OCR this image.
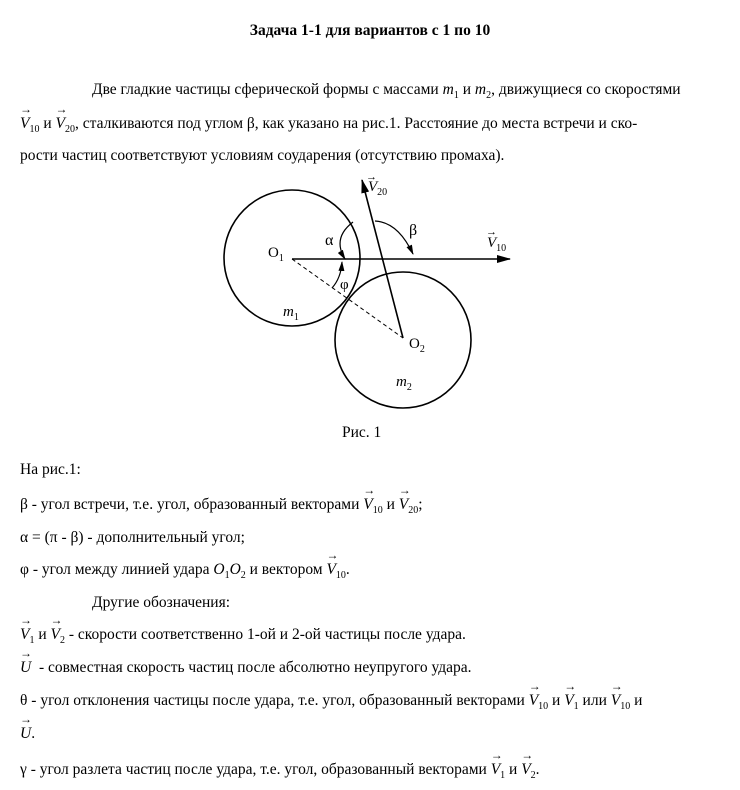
Задача 1-1 для вариантов с 1 по 10
Две гладкие частицы сферической формы с массами $m_1$ и $m_2$, движущиеся со скоростями
→ $V_{10}$ $и \to V_{20}$, сталкиваются под углом β, как указано на рис.1. Расстояние до места встречи и ско-
рости частиц соответствуют условиям соударения (отсутствию промаха).
$V_{20}$
→
β
α	$V_{10}$
→
$O_1$
φ
$m_1$
$O_2$
$m_2$
Рис. 1
На рис.1:
β - угол встречи, т.е. угол, образованный векторами → $V_{10}$ $и \to V_{20}$;
α = (π - β) - дополнительный угол;
φ - угол между линией удара $O_1O_2$ и вектором → $V_{10}$.
Другие обозначения:
→ $V_1$ $и \to V_2$ - скорости соответственно 1-ой и 2-ой частицы после удара.
→ U - совместная скорость частиц после абсолютно неупругого удара.
θ - угол отклонения частицы после удара, т.е. угол, образованный векторами → $V_{10}$ $и \to V_1$ или → $V_{10}$ и
→ U.
γ - угол разлета частиц после удара, т.е. угол, образованный векторами → $V_1$ $и \to V_2$.
